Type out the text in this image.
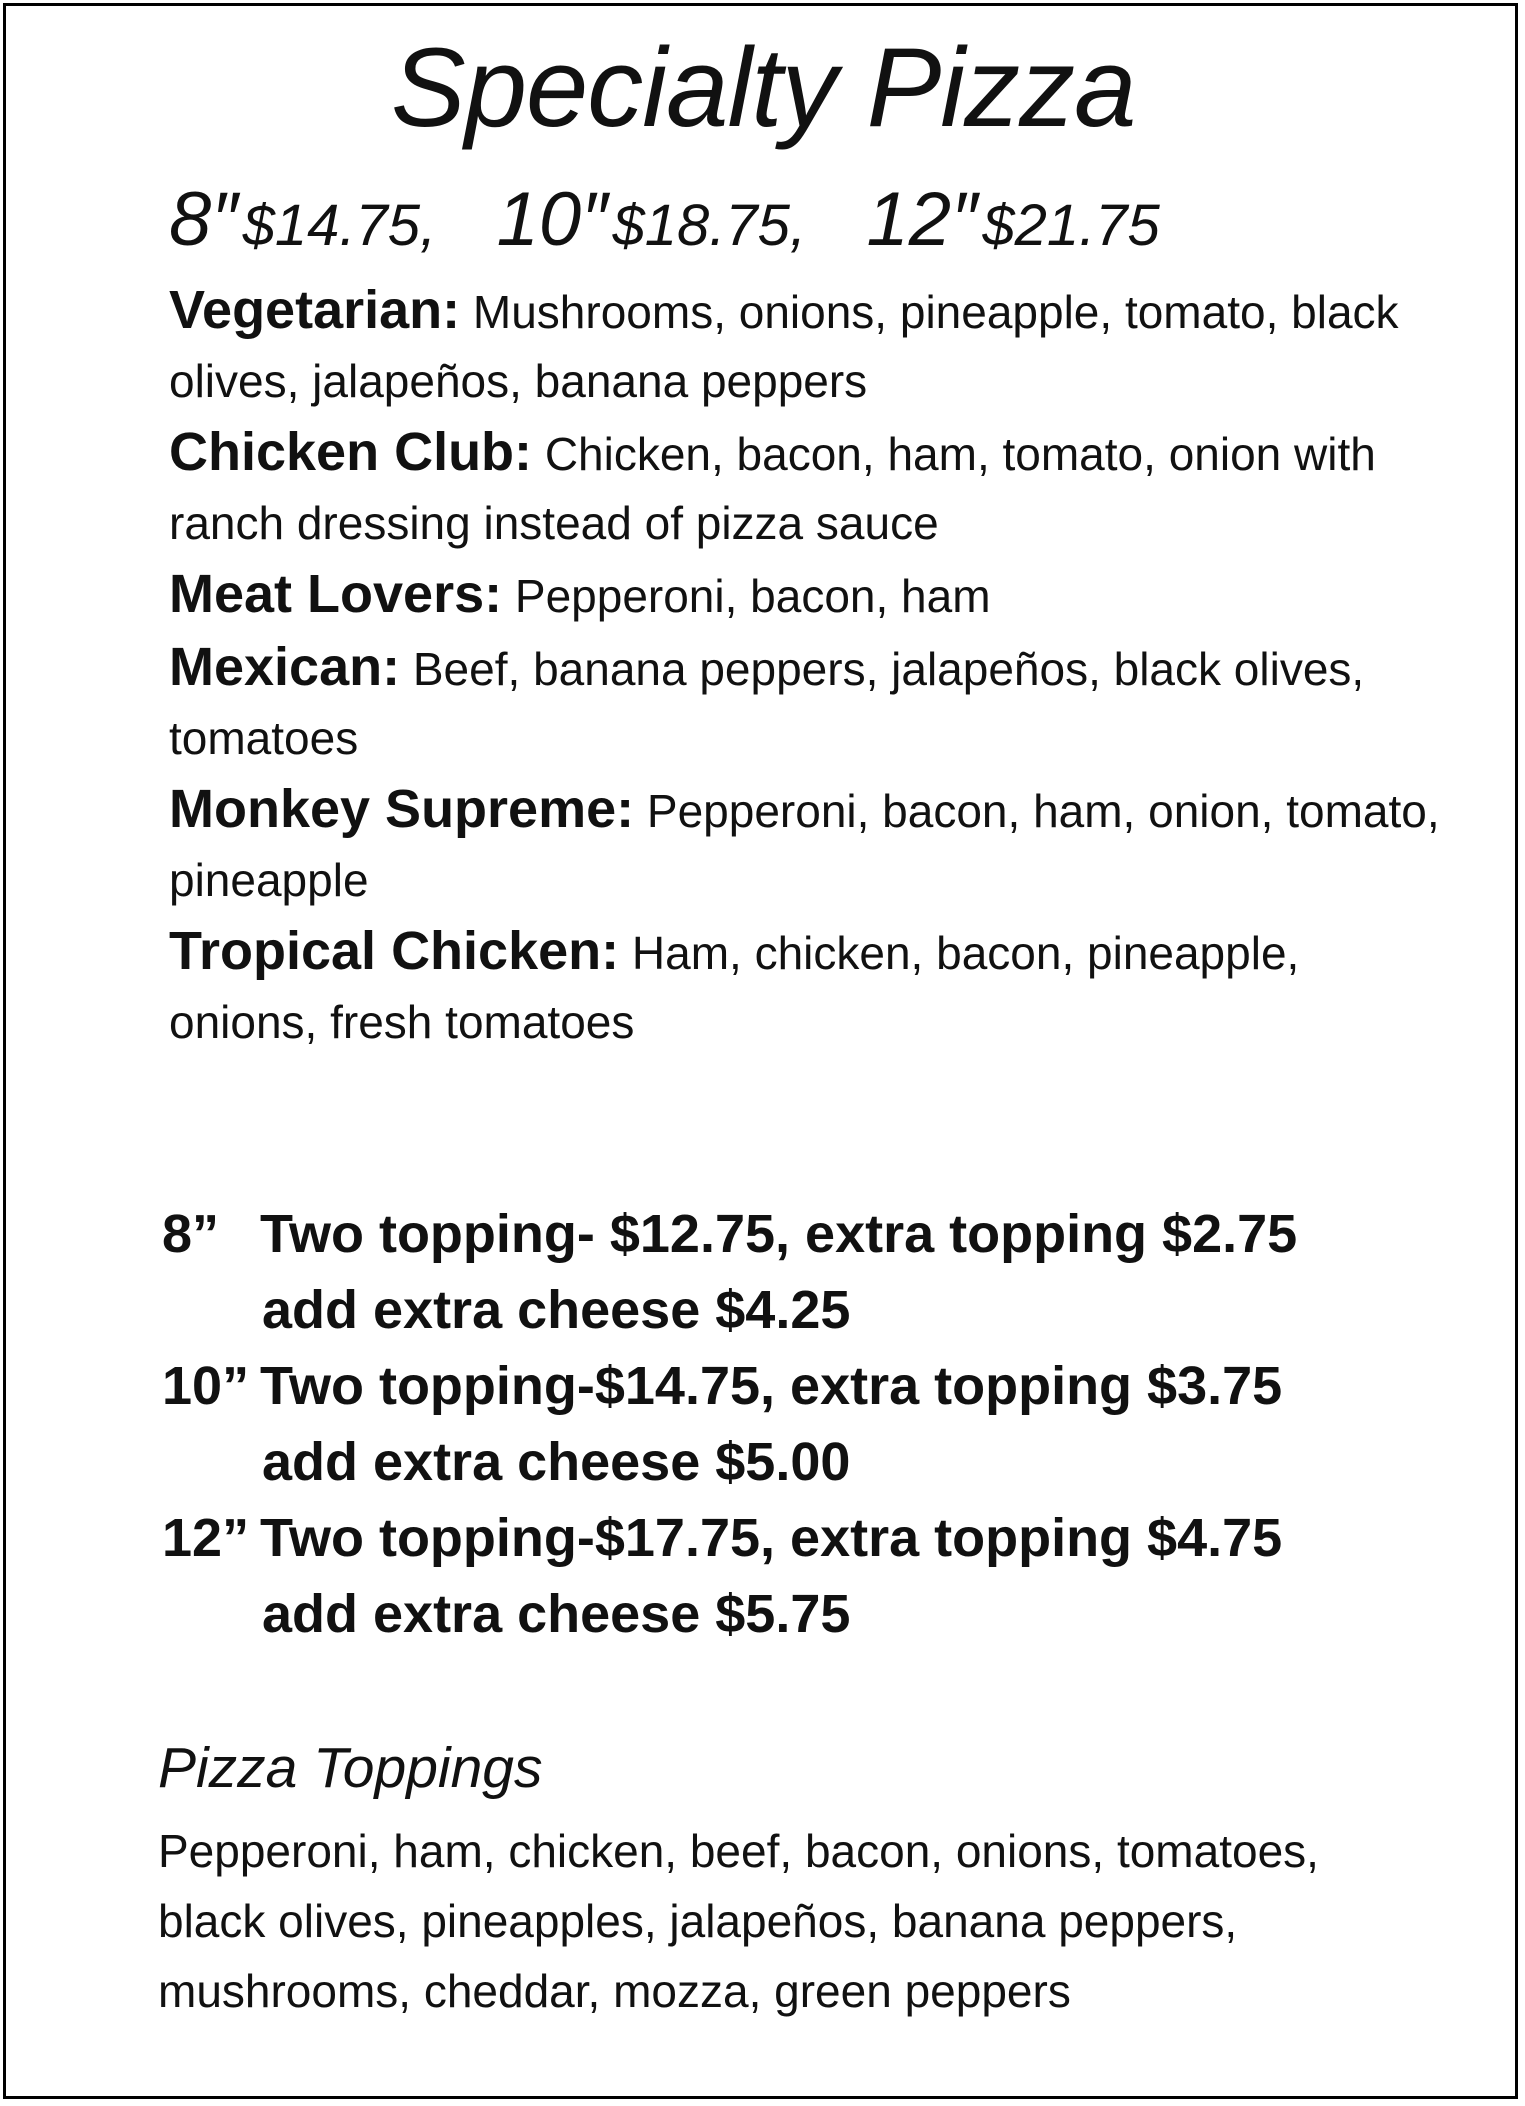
Specialty Pizza
8″ $14.75, 10″ $18.75, 12″ $21.75
Vegetarian: Mushrooms, onions, pineapple, tomato, black olives, jalapeños, banana peppers
Chicken Club: Chicken, bacon, ham, tomato, onion with ranch dressing instead of pizza sauce
Meat Lovers: Pepperoni, bacon, ham
Mexican: Beef, banana peppers, jalapeños, black olives, tomatoes
Monkey Supreme: Pepperoni, bacon, ham, onion, tomato, pineapple
Tropical Chicken: Ham, chicken, bacon, pineapple, onions, fresh tomatoes
8” Two topping- $12.75, extra topping $2.75
add extra cheese $4.25
10” Two topping-$14.75, extra topping $3.75
add extra cheese $5.00
12” Two topping-$17.75, extra topping $4.75
add extra cheese $5.75
Pizza Toppings

Pepperoni, ham, chicken, beef, bacon, onions, tomatoes, black olives, pineapples, jalapeños, banana peppers, mushrooms, cheddar, mozza, green peppers
